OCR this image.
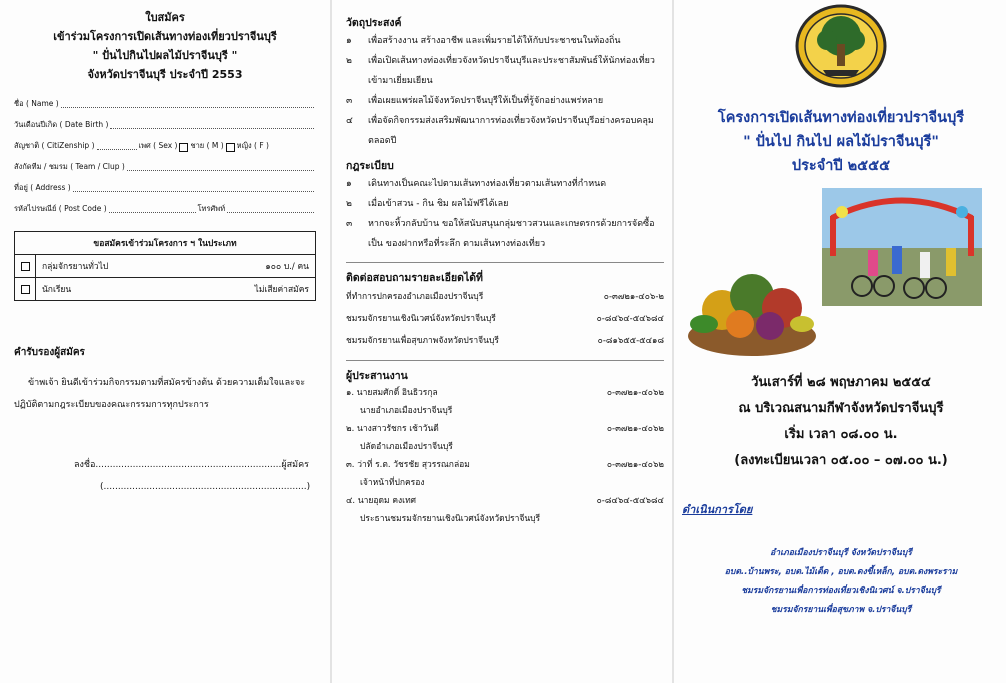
ใบสมัคร
เข้าร่วมโครงการเปิดเส้นทางท่องเที่ยวปราจีนบุรี
" ปั่นไปกินไปผลไม้ปราจีนบุรี "
จังหวัดปราจีนบุรี ประจำปี 2553
ชื่อ ( Name )
วันเดือนปีเกิด ( Date Birth )
สัญชาติ ( CitiZenship )	เพศ ( Sex ) ชาย ( M ) หญิง ( F )
สังกัดทีม / ชมรม ( Team / Clup )
ที่อยู่ ( Address )
รหัสไปรษณีย์ ( Post Code )	โทรศัพท์
ขอสมัครเข้าร่วมโครงการ ฯ ในประเภท
กลุ่มจักรยานทั่วไป	๑๐๐ บ./ คน
นักเรียน	ไม่เสียค่าสมัคร
คำรับรองผู้สมัคร
ข้าพเจ้า ยินดีเข้าร่วมกิจกรรมตามที่สมัครข้างต้น ด้วยความเต็มใจและจะปฏิบัติตามกฎระเบียบของคณะกรรมการทุกประการ
ลงชื่อ.................................................................ผู้สมัคร
(.......................................................................)
วัตถุประสงค์
๑	เพื่อสร้างงาน สร้างอาชีพ และเพิ่มรายได้ให้กับประชาชนในท้องถิ่น
๒	เพื่อเปิดเส้นทางท่องเที่ยวจังหวัดปราจีนบุรีและประชาสัมพันธ์ให้นักท่องเที่ยวเข้ามาเยี่ยมเยียน
๓	เพื่อเผยแพร่ผลไม้จังหวัดปราจีนบุรีให้เป็นที่รู้จักอย่างแพร่หลาย
๔	เพื่อจัดกิจกรรมส่งเสริมพัฒนาการท่องเที่ยวจังหวัดปราจีนบุรีอย่างครอบคลุมตลอดปี
กฎระเบียบ
๑	เดินทางเป็นคณะไปตามเส้นทางท่องเที่ยวตามเส้นทางที่กำหนด
๒	เมื่อเข้าสวน - กิน ชิม ผลไม้ฟรีได้เลย
๓	หากจะหิ้วกลับบ้าน ขอให้สนับสนุนกลุ่มชาวสวนและเกษตรกรด้วยการจัดซื้อเป็น ของฝากหรือที่ระลึก ตามเส้นทางท่องเที่ยว
ติดต่อสอบถามรายละเอียดได้ที่
ที่ทำการปกครองอำเภอเมืองปราจีนบุรี	๐-๓๗๒๑-๔๐๖-๒
ชมรมจักรยานเชิงนิเวศน์จังหวัดปราจีนบุรี	๐-๘๔๖๔-๕๔๖๘๔
ชมรมจักรยานเพื่อสุขภาพจังหวัดปราจีนบุรี	๐-๘๑๖๕๕-๕๔๑๘
ผู้ประสานงาน
๑. นายสมศักดิ์ อินธิวรกุล	๐-๓๗๒๑-๔๐๖๒
นายอำเภอเมืองปราจีนบุรี
๒. นางสาวรัชกร เช้าวันดี	๐-๓๗๒๑-๔๐๖๒
ปลัดอำเภอเมืองปราจีนบุรี
๓. ว่าที่ ร.ต. วัชรชัย สุวรรณกล่อม	๐-๓๗๒๑-๔๐๖๒
เจ้าหน้าที่ปกครอง
๔. นายอุดม คงเทศ	๐-๘๔๖๔-๕๔๖๘๔
ประธานชมรมจักรยานเชิงนิเวศน์จังหวัดปราจีนบุรี
โครงการเปิดเส้นทางท่องเที่ยวปราจีนบุรี
" ปั่นไป กินไป ผลไม้ปราจีนบุรี"
ประจำปี ๒๕๕๕
วันเสาร์ที่ ๒๘ พฤษภาคม ๒๕๕๔
ณ บริเวณสนามกีฬาจังหวัดปราจีนบุรี
เริ่ม เวลา ๐๘.๐๐ น.
(ลงทะเบียนเวลา ๐๕.๐๐ – ๐๗.๐๐ น.)
ดำเนินการโดย
อำเภอเมืองปราจีนบุรี จังหวัดปราจีนบุรี
อบต..บ้านพระ, อบต.ไม้เต็ด , อบต.ดงขี้เหล็ก, อบต.ดงพระราม
ชมรมจักรยานเพื่อการท่องเที่ยวเชิงนิเวศน์ จ.ปราจีนบุรี
ชมรมจักรยานเพื่อสุขภาพ จ.ปราจีนบุรี
